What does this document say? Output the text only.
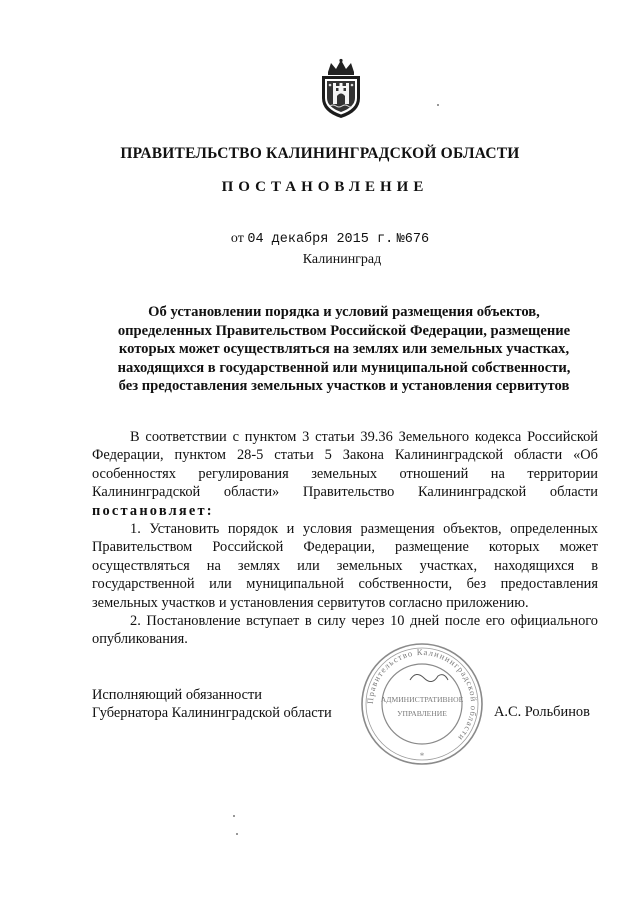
ПРАВИТЕЛЬСТВО КАЛИНИНГРАДСКОЙ ОБЛАСТИ
ПОСТАНОВЛЕНИЕ
от 04 декабря 2015 г. №676
Калининград
Об установлении порядка и условий размещения объектов,
определенных Правительством Российской Федерации, размещение
которых может осуществляться на землях или земельных участках,
находящихся в государственной или муниципальной собственности,
без предоставления земельных участков и установления сервитутов

В соответствии с пунктом 3 статьи 39.36 Земельного кодекса Российской Федерации, пунктом 28-5 статьи 5 Закона Калининградской области «Об особенностях регулирования земельных отношений на территории Калининградской области» Правительство Калининградской области постановляет:

1. Установить порядок и условия размещения объектов, определенных Правительством Российской Федерации, размещение которых может осуществляться на землях или земельных участках, находящихся в государственной или муниципальной собственности, без предоставления земельных участков и установления сервитутов согласно приложению.

2. Постановление вступает в силу через 10 дней после его официального опубликования.

Исполняющий обязанности
Губернатора Калининградской области
Правительство Калининградской области
АДМИНИСТРАТИВНОЕ
УПРАВЛЕНИЕ
*
А.С. Рольбинов
